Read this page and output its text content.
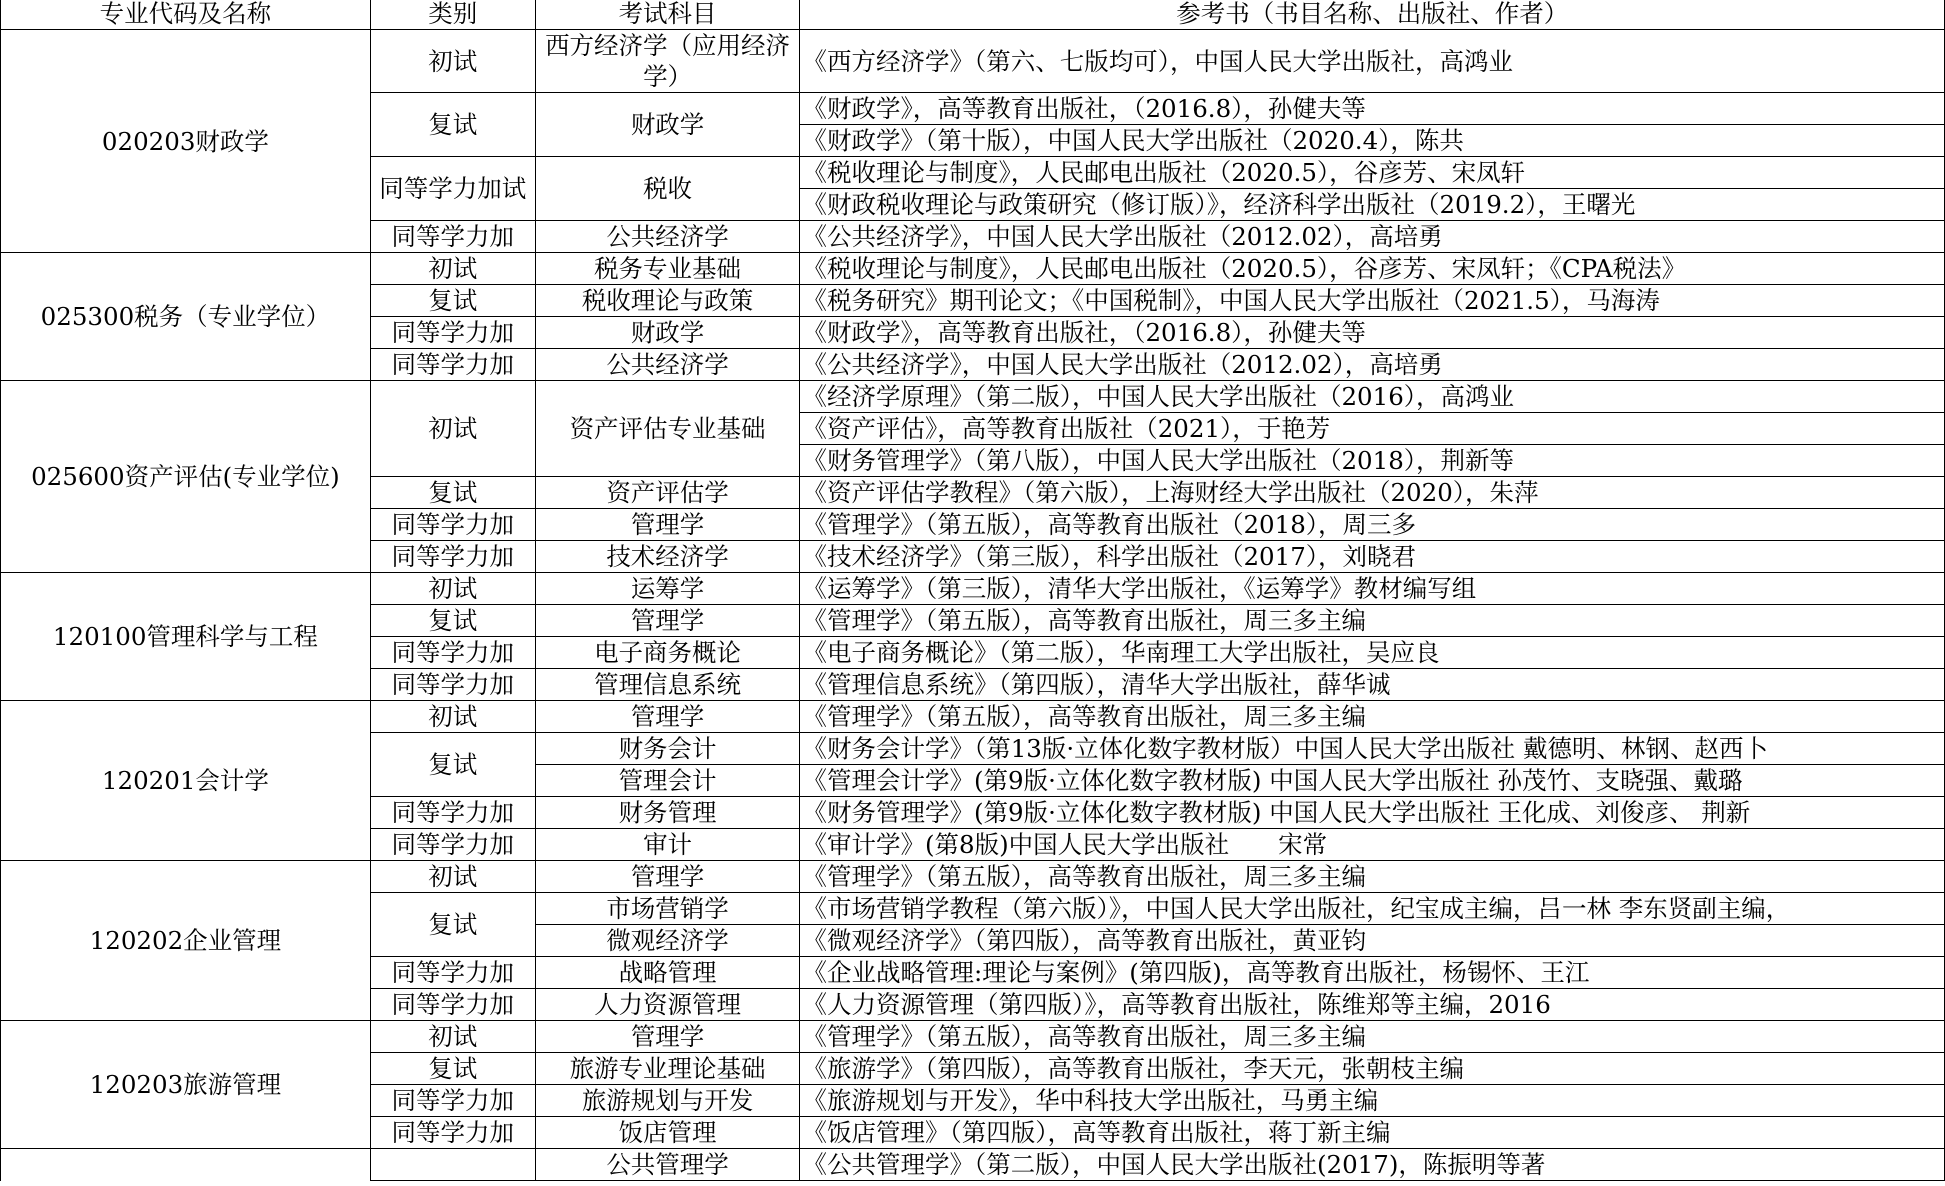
专业代码及名称	类别	考试科目	参考书（书目名称、出版社、作者）
020203财政学	初试	西方经济学（应用经济学）	《西方经济学》（第六、七版均可），中国人民大学出版社，高鸿业
	复试	财政学	《财政学》，高等教育出版社，（2016.8），孙健夫等
			《财政学》（第十版），中国人民大学出版社（2020.4），陈共
	同等学力加试	税收	《税收理论与制度》，人民邮电出版社（2020.5），谷彦芳、宋凤轩
			《财政税收理论与政策研究（修订版）》，经济科学出版社（2019.2），王曙光
	同等学力加	公共经济学	《公共经济学》，中国人民大学出版社（2012.02），高培勇
025300税务（专业学位）	初试	税务专业基础	《税收理论与制度》，人民邮电出版社（2020.5），谷彦芳、宋凤轩；《CPA税法》
	复试	税收理论与政策	《税务研究》期刊论文；《中国税制》，中国人民大学出版社（2021.5），马海涛
	同等学力加	财政学	《财政学》，高等教育出版社，（2016.8），孙健夫等
	同等学力加	公共经济学	《公共经济学》，中国人民大学出版社（2012.02），高培勇
025600资产评估(专业学位)	初试	资产评估专业基础	《经济学原理》（第二版），中国人民大学出版社（2016），高鸿业
			《资产评估》，高等教育出版社（2021），于艳芳
			《财务管理学》（第八版），中国人民大学出版社（2018），荆新等
	复试	资产评估学	《资产评估学教程》（第六版），上海财经大学出版社（2020），朱萍
	同等学力加	管理学	《管理学》（第五版），高等教育出版社（2018），周三多
	同等学力加	技术经济学	《技术经济学》（第三版），科学出版社（2017），刘晓君
120100管理科学与工程	初试	运筹学	《运筹学》（第三版），清华大学出版社，《运筹学》教材编写组
	复试	管理学	《管理学》（第五版），高等教育出版社，周三多主编
	同等学力加	电子商务概论	《电子商务概论》（第二版），华南理工大学出版社，吴应良
	同等学力加	管理信息系统	《管理信息系统》（第四版），清华大学出版社，薛华诚
120201会计学	初试	管理学	《管理学》（第五版），高等教育出版社，周三多主编
	复试	财务会计	《财务会计学》（第13版·立体化数字教材版）中国人民大学出版社 戴德明、林钢、赵西卜
		管理会计	《管理会计学》(第9版·立体化数字教材版) 中国人民大学出版社 孙茂竹、支晓强、戴璐
	同等学力加	财务管理	《财务管理学》(第9版·立体化数字教材版) 中国人民大学出版社 王化成、刘俊彦、 荆新
	同等学力加	审计	《审计学》(第8版)中国人民大学出版社　　宋常
120202企业管理	初试	管理学	《管理学》（第五版），高等教育出版社，周三多主编
	复试	市场营销学	《市场营销学教程（第六版）》，中国人民大学出版社，纪宝成主编，吕一林 李东贤副主编，
		微观经济学	《微观经济学》（第四版），高等教育出版社，黄亚钧
	同等学力加	战略管理	《企业战略管理:理论与案例》(第四版)，高等教育出版社，杨锡怀、王江
	同等学力加	人力资源管理	《人力资源管理（第四版）》，高等教育出版社，陈维郑等主编，2016
120203旅游管理	初试	管理学	《管理学》（第五版），高等教育出版社，周三多主编
	复试	旅游专业理论基础	《旅游学》（第四版），高等教育出版社，李天元，张朝枝主编
	同等学力加	旅游规划与开发	《旅游规划与开发》，华中科技大学出版社，马勇主编
	同等学力加	饭店管理	《饭店管理》（第四版），高等教育出版社，蒋丁新主编
		公共管理学	《公共管理学》（第二版），中国人民大学出版社(2017)，陈振明等著
